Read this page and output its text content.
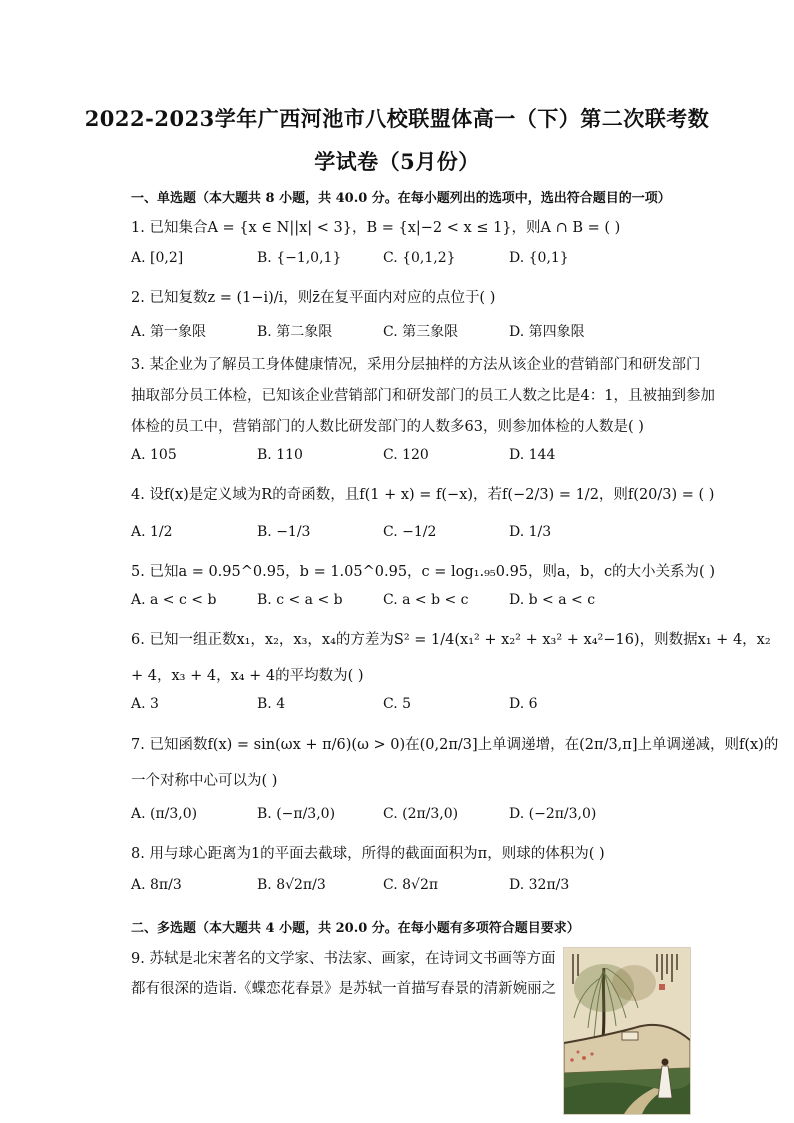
2022-2023学年广西河池市八校联盟体高一（下）第二次联考数
学试卷（5月份）
一、单选题（本大题共 8 小题，共 40.0 分。在每小题列出的选项中，选出符合题目的一项）
1. 已知集合A = {x ∈ N||x| < 3}，B = {x|−2 < x ≤ 1}，则A ∩ B = ( )
A. [0,2]	B. {−1,0,1}	C. {0,1,2}	D. {0,1}
2. 已知复数z = (1−i)/i，则z̄在复平面内对应的点位于( )
A. 第一象限	B. 第二象限	C. 第三象限	D. 第四象限
3. 某企业为了解员工身体健康情况，采用分层抽样的方法从该企业的营销部门和研发部门
抽取部分员工体检，已知该企业营销部门和研发部门的员工人数之比是4：1，且被抽到参加
体检的员工中，营销部门的人数比研发部门的人数多63，则参加体检的人数是( )
A. 105	B. 110	C. 120	D. 144
4. 设f(x)是定义域为R的奇函数，且f(1 + x) = f(−x)，若f(−2/3) = 1/2，则f(20/3) = ( )
A. 1/2	B. −1/3	C. −1/2	D. 1/3
5. 已知a = 0.95^0.95，b = 1.05^0.95，c = log₁.₉₅0.95，则a，b，c的大小关系为( )
A. a < c < b	B. c < a < b	C. a < b < c	D. b < a < c
6. 已知一组正数x₁，x₂，x₃，x₄的方差为S² = 1/4(x₁² + x₂² + x₃² + x₄²−16)，则数据x₁ + 4，x₂
+ 4，x₃ + 4，x₄ + 4的平均数为( )
A. 3	B. 4	C. 5	D. 6
7. 已知函数f(x) = sin(ωx + π/6)(ω > 0)在(0,2π/3]上单调递增，在(2π/3,π]上单调递减，则f(x)的
一个对称中心可以为( )
A. (π/3,0)	B. (−π/3,0)	C. (2π/3,0)	D. (−2π/3,0)
8. 用与球心距离为1的平面去截球，所得的截面面积为π，则球的体积为( )
A. 8π/3	B. 8√2π/3	C. 8√2π	D. 32π/3
二、多选题（本大题共 4 小题，共 20.0 分。在每小题有多项符合题目要求）
9. 苏轼是北宋著名的文学家、书法家、画家，在诗词文书画等方面
都有很深的造诣.《蝶恋花春景》是苏轼一首描写春景的清新婉丽之
